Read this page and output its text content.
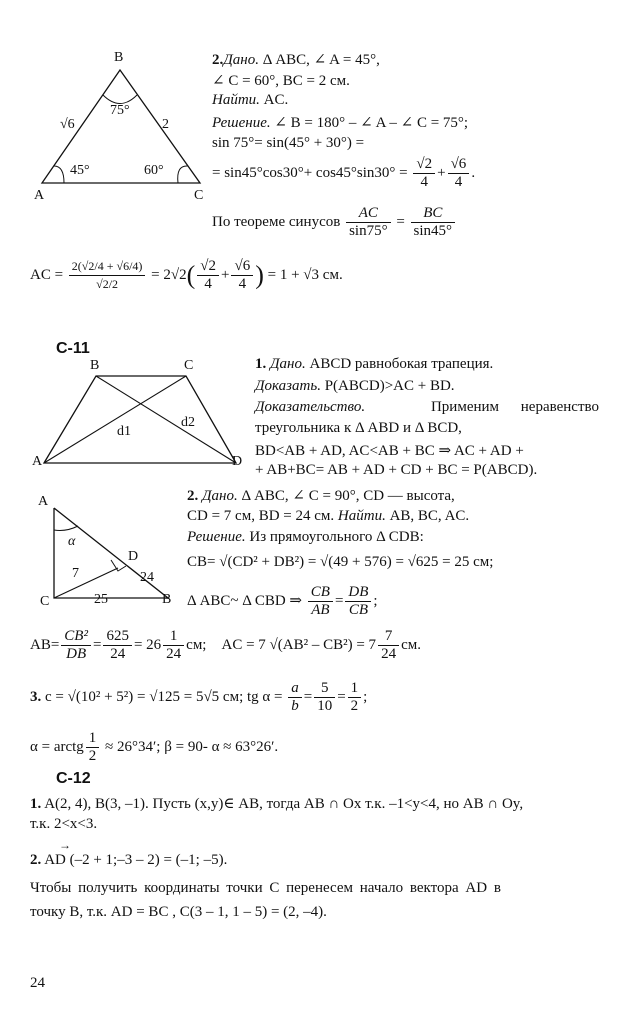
B
A	C
75°
45°	60°
√6	2
2.Дано. Δ ABC, ∠ A = 45°,
∠ C = 60°, BC = 2 см.
Найти. AC.
Решение. ∠ B = 180° – ∠ A – ∠ C = 75°;
sin 75°= sin(45° + 30°) =
= $\sin 45^\circ\cos 30^\circ+ \cos 45^\circ\sin 30^\circ = \frac{√2}{4} + \frac{√6}{4}$ .
По теореме синусов $\frac{AC}{\sin 75^\circ} = \frac{BC}{\sin 45^\circ}$
AC = $\frac{2(√2/4 + √6/4)}{√2/2} = 2√2( \frac{√2}{4} + \frac{√6}{4}$ ) = 1 + √3 см.
С-11
B	C
A	D
d1
d2
1. Дано. ABCD равнобокая трапеция.
Доказать. P(ABCD)>AC + BD.
Доказательство.	Применим неравенство
треугольника к Δ ABD и Δ BCD,
BD<AB + AD, AC<AB + BC ⇒ AC + AD +
+ AB+BC= AB + AD + CD + BC = P(ABCD).
A
C	B
D
α
7	24
25
2. Дано. Δ ABC, ∠ C = 90°, CD — высота,
CD = 7 см, BD = 24 см. Найти. AB, BC, AC.
Решение. Из прямоугольного Δ CDB:
CB= √(CD² + DB²) = √(49 + 576) = √625 = 25 см;
Δ ABC~ Δ CBD ⇒ $\frac{CB}{AB} = \frac{DB}{CB}$ ;
$AB= \frac{\text{CB²}}{DB} = \frac{625}{24} = 26 \frac{1}{24}$ см; AC = 7 $√(AB^2 - CB^2) = 7 \frac{7}{24}$ см.
3. c = √(10² + 5²) = √125 = 5√5 см; tg $\alpha = \frac{a}{b} = \frac{5}{10} = \frac{1}{2}$ ;
α = arctg $\frac{1}{2} \approx 26^\circ 34'$; β = 90- α ≈ 63°26′.
С-12
1. A(2, 4), B(3, –1). Пусть (x,y)∈ AB, тогда AB ∩ Ox т.к. –1<y<4, но AB ∩ Oy,
т.к. 2<x<3.
2. AD (–2 + 1;–3 – 2) = (–1; –5).
→
Чтобы получить координаты точки С перенесем начало вектора AD в
точку B, т.к. AD = BC , C(3 – 1, 1 – 5) = (2, –4).
24
